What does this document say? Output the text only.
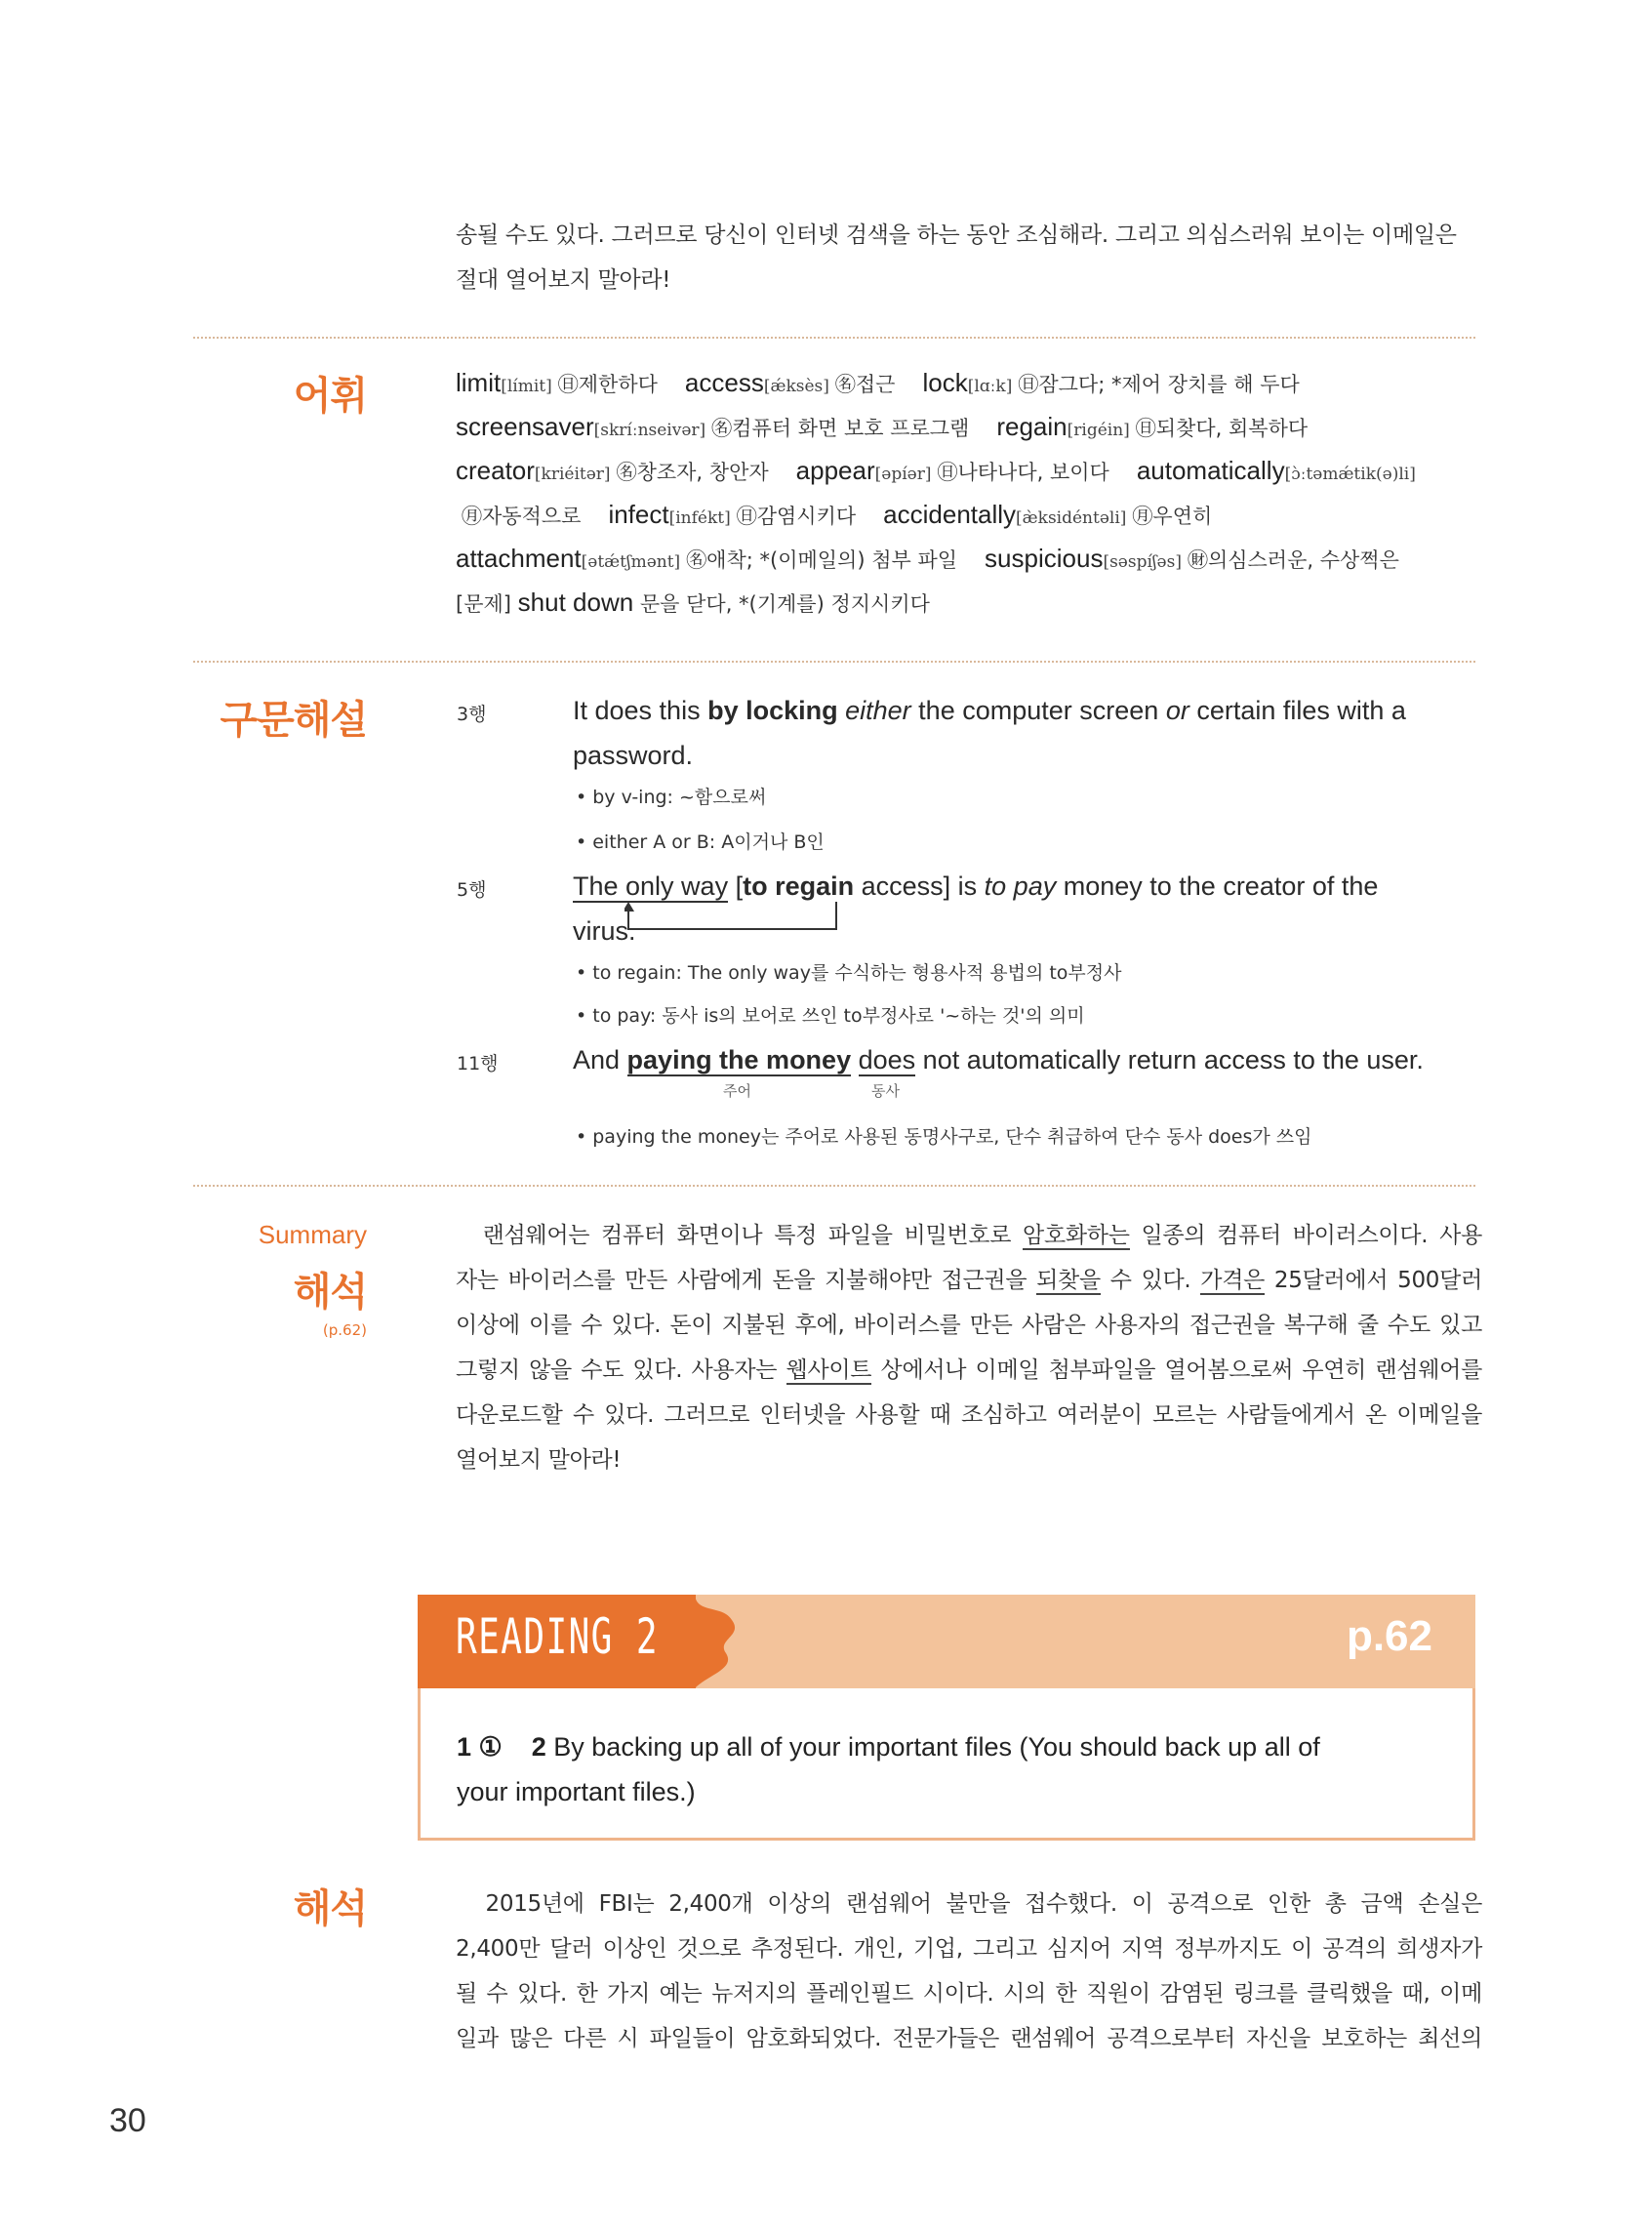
송될 수도 있다. 그러므로 당신이 인터넷 검색을 하는 동안 조심해라. 그리고 의심스러워 보이는 이메일은
절대 열어보지 말아라!
어휘	limit[límit] ㊐제한하다 access[ǽksès] ㊔접근 lock[lɑːk] ㊐잠그다; *제어 장치를 해 두다
screensaver[skríːnseivər] ㊔컴퓨터 화면 보호 프로그램 regain[rigéin] ㊐되찾다, 회복하다
creator[kriéitər] ㊔창조자, 창안자 appear[əpíər] ㊐나타나다, 보이다 automatically[ɔ̀ːtəmǽtik(ə)li]
㊊자동적으로 infect[infékt] ㊐감염시키다 accidentally[æ̀ksidéntəli] ㊊우연히
attachment[ətǽtʃmənt] ㊔애착; *(이메일의) 첨부 파일 suspicious[səspíʃəs] ㊖의심스러운, 수상쩍은
[문제] shut down 문을 닫다, *(기계를) 정지시키다
구문해설	3행	It does this by locking either the computer screen or certain files with a
password.
• by v-ing: ~함으로써
• either A or B: A이거나 B인
5행	The only way [to regain access] is to pay money to the creator of the
virus.
• to regain: The only way를 수식하는 형용사적 용법의 to부정사
• to pay: 동사 is의 보어로 쓰인 to부정사로 '~하는 것'의 의미
11행	And paying the money does not automatically return access to the user.
주어	동사
• paying the money는 주어로 사용된 동명사구로, 단수 취급하여 단수 동사 does가 쓰임
Summary
해석
(p.62)
　랜섬웨어는 컴퓨터 화면이나 특정 파일을 비밀번호로 암호화하는 일종의 컴퓨터 바이러스이다. 사용
자는 바이러스를 만든 사람에게 돈을 지불해야만 접근권을 되찾을 수 있다. 가격은 25달러에서 500달러
이상에 이를 수 있다. 돈이 지불된 후에, 바이러스를 만든 사람은 사용자의 접근권을 복구해 줄 수도 있고
그렇지 않을 수도 있다. 사용자는 웹사이트 상에서나 이메일 첨부파일을 열어봄으로써 우연히 랜섬웨어를
다운로드할 수 있다. 그러므로 인터넷을 사용할 때 조심하고 여러분이 모르는 사람들에게서 온 이메일을
열어보지 말아라!
READING 2	p.62
1 ① 2 By backing up all of your important files (You should back up all of
your important files.)
해석	　2015년에 FBI는 2,400개 이상의 랜섬웨어 불만을 접수했다. 이 공격으로 인한 총 금액 손실은
2,400만 달러 이상인 것으로 추정된다. 개인, 기업, 그리고 심지어 지역 정부까지도 이 공격의 희생자가
될 수 있다. 한 가지 예는 뉴저지의 플레인필드 시이다. 시의 한 직원이 감염된 링크를 클릭했을 때, 이메
일과 많은 다른 시 파일들이 암호화되었다. 전문가들은 랜섬웨어 공격으로부터 자신을 보호하는 최선의
30
